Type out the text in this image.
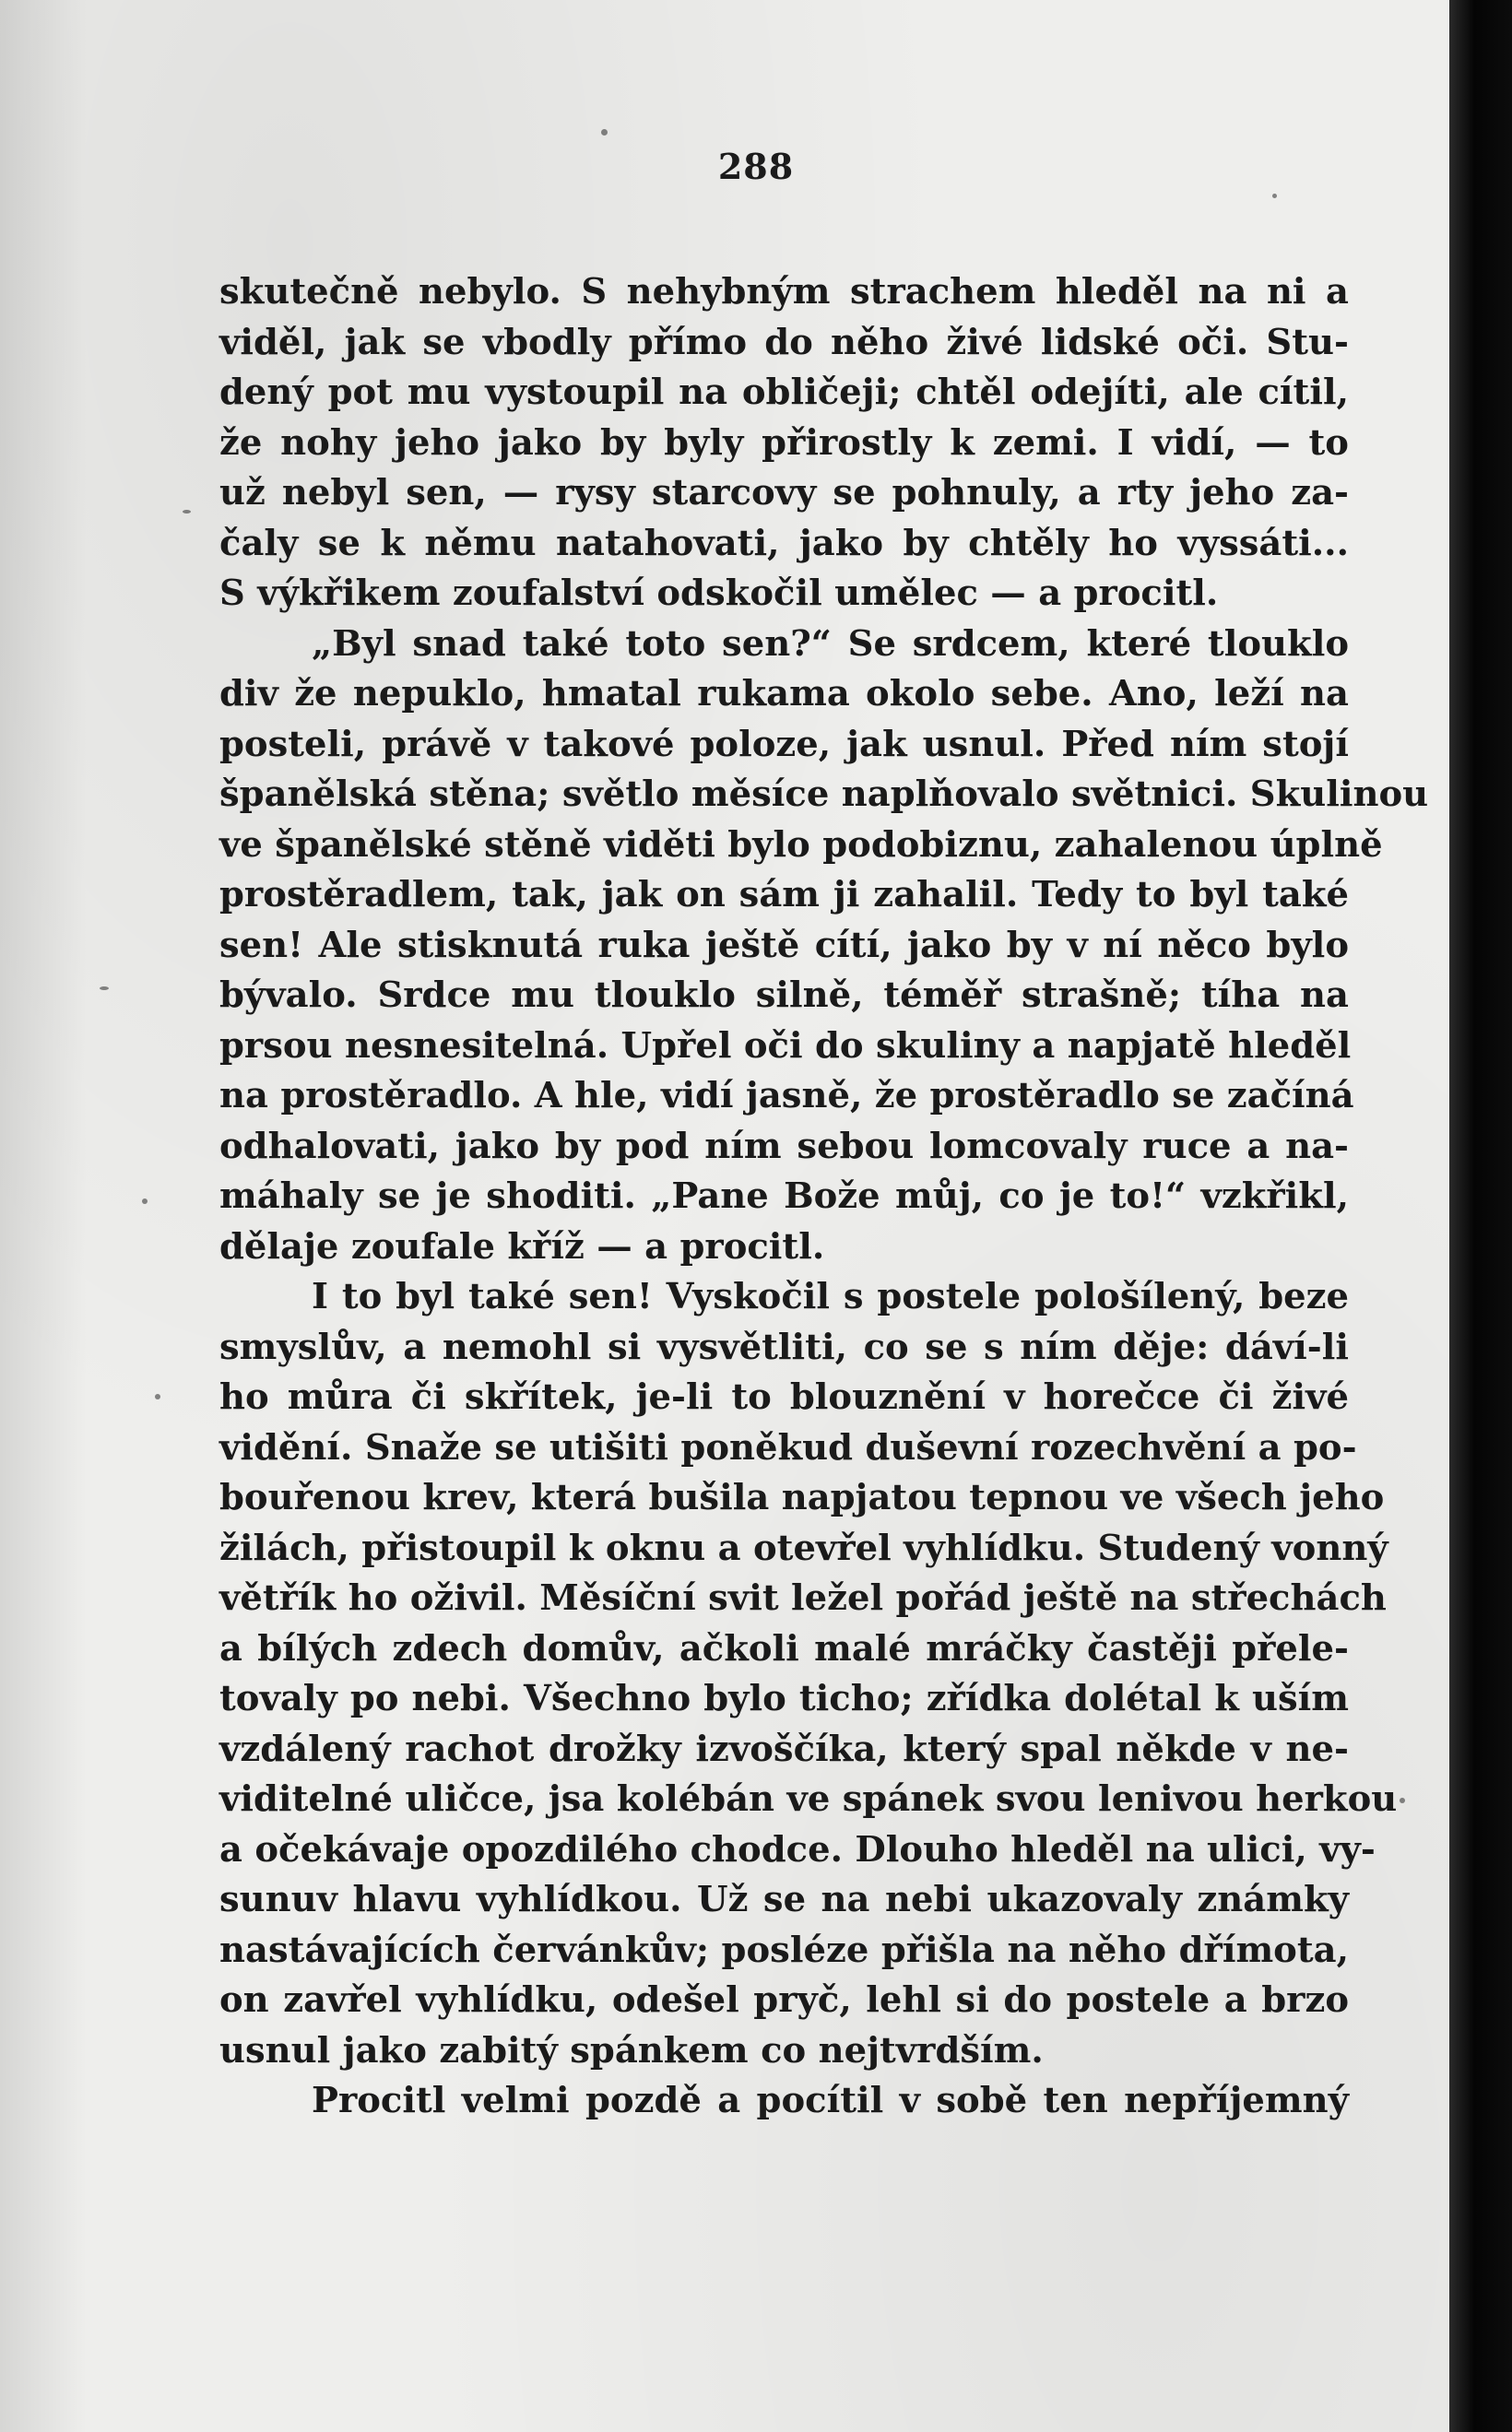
288
skutečně nebylo. S nehybným strachem hleděl na ni a
viděl, jak se vbodly přímo do něho živé lidské oči. Stu-
dený pot mu vystoupil na obličeji; chtěl odejíti, ale cítil,
že nohy jeho jako by byly přirostly k zemi. I vidí, — to
už nebyl sen, — rysy starcovy se pohnuly, a rty jeho za-
čaly se k němu natahovati, jako by chtěly ho vyssáti...
S výkřikem zoufalství odskočil umělec — a procitl.
„Byl snad také toto sen?“ Se srdcem, které tlouklo
div že nepuklo, hmatal rukama okolo sebe. Ano, leží na
posteli, právě v takové poloze, jak usnul. Před ním stojí
španělská stěna; světlo měsíce naplňovalo světnici. Skulinou
ve španělské stěně viděti bylo podobiznu, zahalenou úplně
prostěradlem, tak, jak on sám ji zahalil. Tedy to byl také
sen! Ale stisknutá ruka ještě cítí, jako by v ní něco bylo
bývalo. Srdce mu tlouklo silně, téměř strašně; tíha na
prsou nesnesitelná. Upřel oči do skuliny a napjatě hleděl
na prostěradlo. A hle, vidí jasně, že prostěradlo se začíná
odhalovati, jako by pod ním sebou lomcovaly ruce a na-
máhaly se je shoditi. „Pane Bože můj, co je to!“ vzkřikl,
dělaje zoufale kříž — a procitl.
I to byl také sen! Vyskočil s postele pološílený, beze
smyslův, a nemohl si vysvětliti, co se s ním děje: dáví-li
ho můra či skřítek, je-li to blouznění v horečce či živé
vidění. Snaže se utišiti poněkud duševní rozechvění a po-
bouřenou krev, která bušila napjatou tepnou ve všech jeho
žilách, přistoupil k oknu a otevřel vyhlídku. Studený vonný
větřík ho oživil. Měsíční svit ležel pořád ještě na střechách
a bílých zdech domův, ačkoli malé mráčky častěji přele-
tovaly po nebi. Všechno bylo ticho; zřídka dolétal k uším
vzdálený rachot drožky izvoščíka, který spal někde v ne-
viditelné uličce, jsa kolébán ve spánek svou lenivou herkou
a očekávaje opozdilého chodce. Dlouho hleděl na ulici, vy-
sunuv hlavu vyhlídkou. Už se na nebi ukazovaly známky
nastávajících červánkův; posléze přišla na něho dřímota,
on zavřel vyhlídku, odešel pryč, lehl si do postele a brzo
usnul jako zabitý spánkem co nejtvrdším.
Procitl velmi pozdě a pocítil v sobě ten nepříjemný
